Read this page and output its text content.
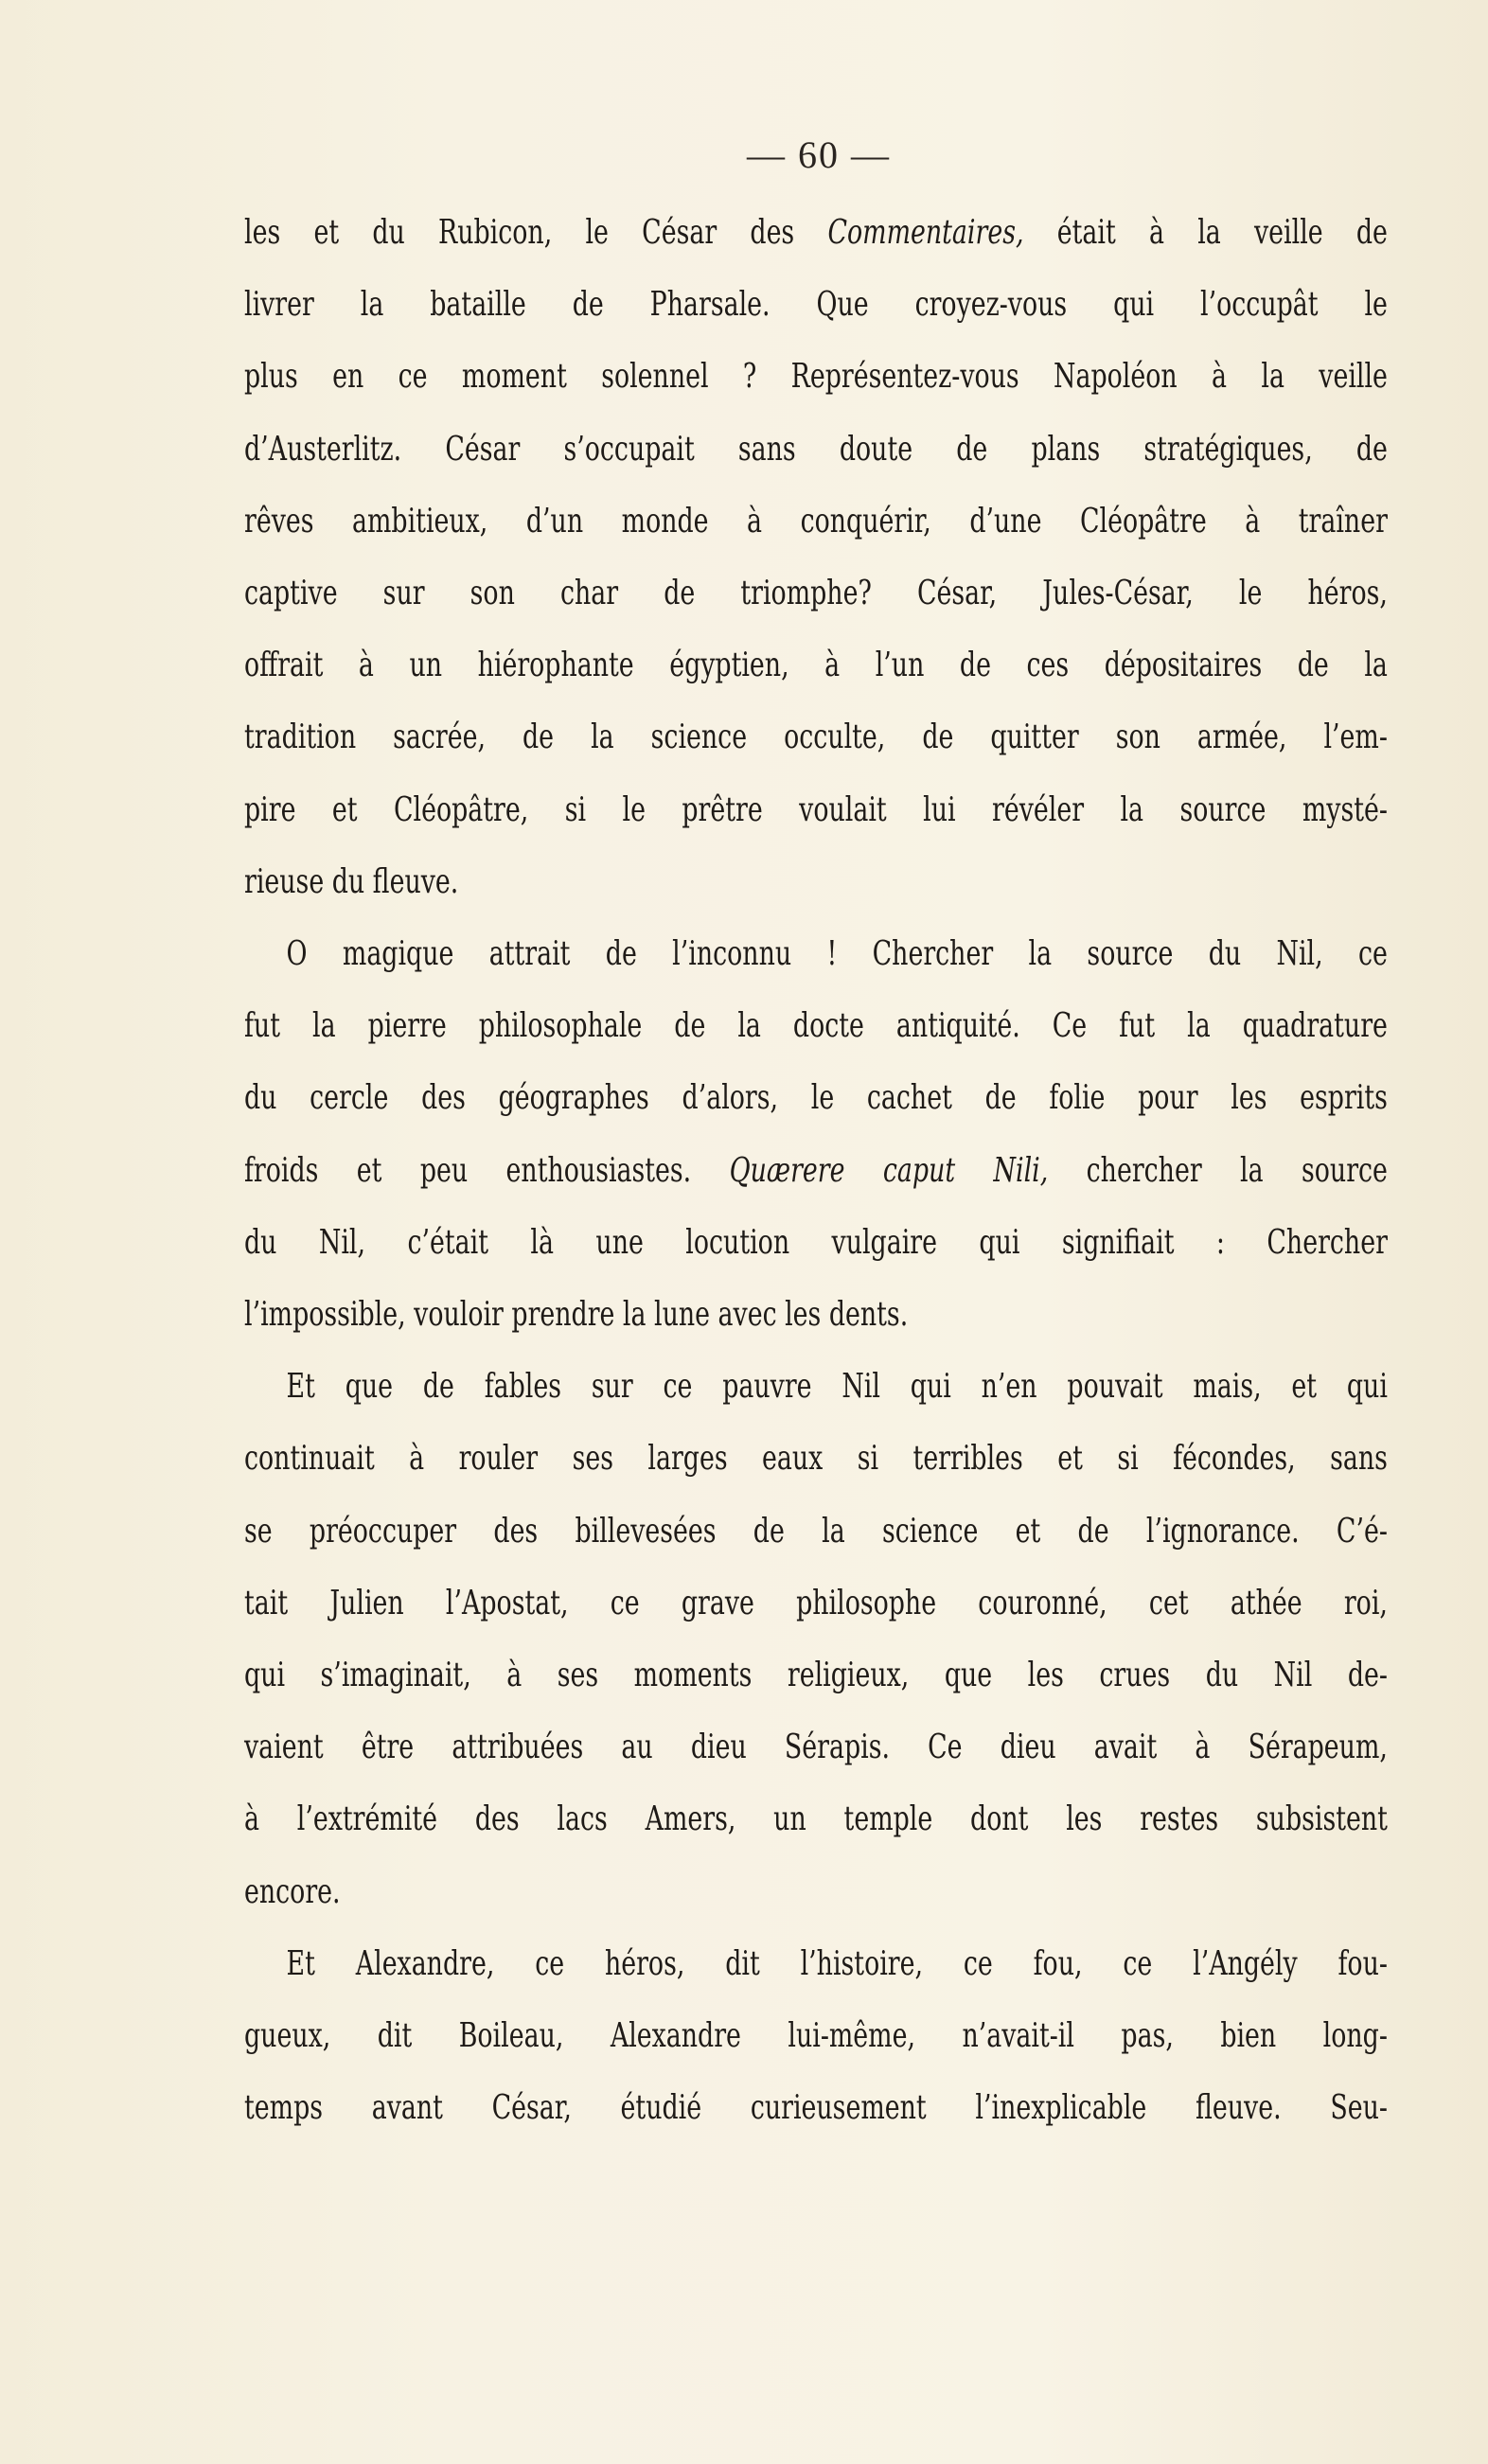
— 60 —
les et du Rubicon, le César des Commentaires, était à la veille de
livrer la bataille de Pharsale. Que croyez-vous qui l’occupât le
plus en ce moment solennel ? Représentez-vous Napoléon à la veille
d’Austerlitz. César s’occupait sans doute de plans stratégiques, de
rêves ambitieux, d’un monde à conquérir, d’une Cléopâtre à traîner
captive sur son char de triomphe? César, Jules-César, le héros,
offrait à un hiérophante égyptien, à l’un de ces dépositaires de la
tradition sacrée, de la science occulte, de quitter son armée, l’em-
pire et Cléopâtre, si le prêtre voulait lui révéler la source mysté-
rieuse du fleuve.
O magique attrait de l’inconnu ! Chercher la source du Nil, ce
fut la pierre philosophale de la docte antiquité. Ce fut la quadrature
du cercle des géographes d’alors, le cachet de folie pour les esprits
froids et peu enthousiastes. Quærere caput Nili, chercher la source
du Nil, c’était là une locution vulgaire qui signifiait : Chercher
l’impossible, vouloir prendre la lune avec les dents.
Et que de fables sur ce pauvre Nil qui n’en pouvait mais, et qui
continuait à rouler ses larges eaux si terribles et si fécondes, sans
se préoccuper des billevesées de la science et de l’ignorance. C’é-
tait Julien l’Apostat, ce grave philosophe couronné, cet athée roi,
qui s’imaginait, à ses moments religieux, que les crues du Nil de-
vaient être attribuées au dieu Sérapis. Ce dieu avait à Sérapeum,
à l’extrémité des lacs Amers, un temple dont les restes subsistent
encore.
Et Alexandre, ce héros, dit l’histoire, ce fou, ce l’Angély fou-
gueux, dit Boileau, Alexandre lui-même, n’avait-il pas, bien long-
temps avant César, étudié curieusement l’inexplicable fleuve. Seu-
